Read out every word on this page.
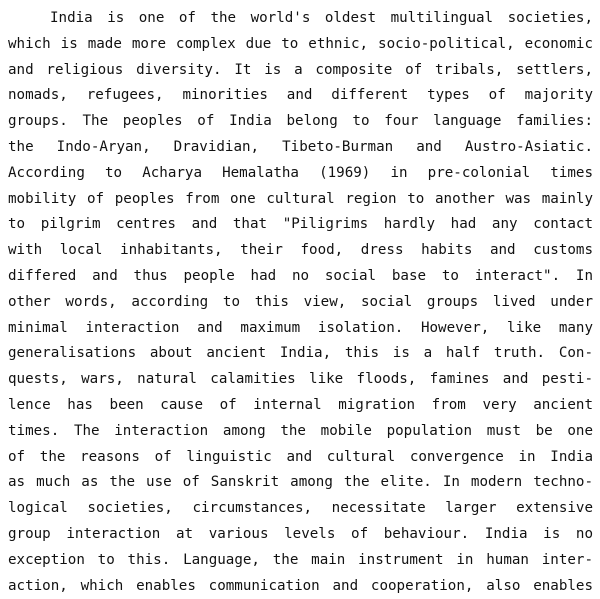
India is one of the world's oldest multilingual societies,
which is made more complex due to ethnic, socio-political, economic
and religious diversity. It is a composite of tribals, settlers,
nomads, refugees, minorities and different types of majority
groups. The peoples of India belong to four language families:
the Indo-Aryan, Dravidian, Tibeto-Burman and Austro-Asiatic.
According to Acharya Hemalatha (1969) in pre-colonial times
mobility of peoples from one cultural region to another was mainly
to pilgrim centres and that "Piligrims hardly had any contact
with local inhabitants, their food, dress habits and customs
differed and thus people had no social base to interact". In
other words, according to this view, social groups lived under
minimal interaction and maximum isolation. However, like many
generalisations about ancient India, this is a half truth. Con-
quests, wars, natural calamities like floods, famines and pesti-
lence has been cause of internal migration from very ancient
times. The interaction among the mobile population must be one
of the reasons of linguistic and cultural convergence in India
as much as the use of Sanskrit among the elite. In modern techno-
logical societies, circumstances, necessitate larger extensive
group interaction at various levels of behaviour. India is no
exception to this. Language, the main instrument in human inter-
action, which enables communication and cooperation, also enables
